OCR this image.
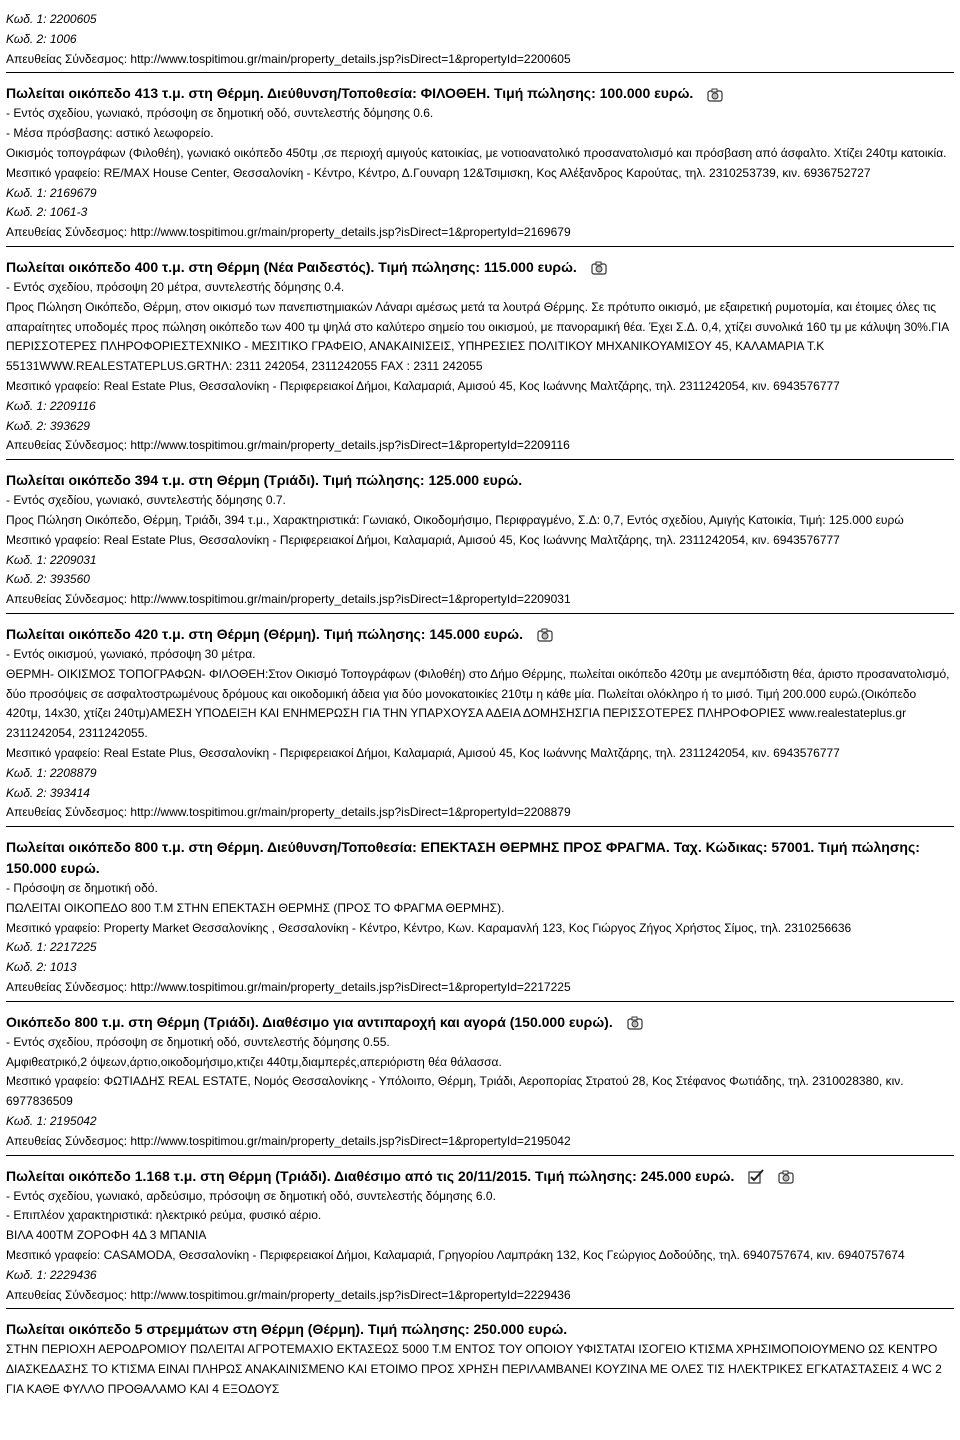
Κωδ. 1: 2200605
Κωδ. 2: 1006
Απευθείας Σύνδεσμος: http://www.tospitimou.gr/main/property_details.jsp?isDirect=1&propertyId=2200605
Πωλείται οικόπεδο 413 τ.μ. στη Θέρμη. Διεύθυνση/Τοποθεσία: ΦΙΛΟΘΕΗ. Τιμή πώλησης: 100.000 ευρώ.
- Εντός σχεδίου, γωνιακό, πρόσοψη σε δημοτική οδό, συντελεστής δόμησης 0.6.
- Μέσα πρόσβασης: αστικό λεωφορείο.
Οικισμός τοπογράφων (Φιλοθέη), γωνιακό οικόπεδο 450τμ ,σε περιοχή αμιγούς κατοικίας, με νοτιοανατολικό προσανατολισμό και πρόσβαση από άσφαλτο. Χτίζει 240τμ κατοικία.
Μεσιτικό γραφείο: RE/MAX House Center, Θεσσαλονίκη - Κέντρο, Κέντρο, Δ.Γουναρη 12&Τσιμισκη, Κος Αλέξανδρος Καρούτας, τηλ. 2310253739, κιν. 6936752727
Κωδ. 1: 2169679
Κωδ. 2: 1061-3
Απευθείας Σύνδεσμος: http://www.tospitimou.gr/main/property_details.jsp?isDirect=1&propertyId=2169679
Πωλείται οικόπεδο 400 τ.μ. στη Θέρμη (Νέα Ραιδεστός). Τιμή πώλησης: 115.000 ευρώ.
- Εντός σχεδίου, πρόσοψη 20 μέτρα, συντελεστής δόμησης 0.4.
Προς Πώληση Οικόπεδο, Θέρμη, στον οικισμό των πανεπιστημιακών Λάναρι αμέσως μετά τα λουτρά Θέρμης. Σε πρότυπο οικισμό, με εξαιρετική ρυμοτομία, και έτοιμες όλες τις απαραίτητες υποδομές προς πώληση οικόπεδο των 400 τμ ψηλά στο καλύτερο σημείο του οικισμού, με πανοραμική θέα. Έχει Σ.Δ. 0,4, χτίζει συνολικά 160 τμ με κάλυψη 30%.ΓΙΑ ΠΕΡΙΣΣΟΤΕΡΕΣ ΠΛΗΡΟΦΟΡΙΕΣΤΕΧΝΙΚΟ - ΜΕΣΙΤΙΚΟ ΓΡΑΦΕΙΟ, ΑΝΑΚΑΙΝΙΣΕΙΣ, ΥΠΗΡΕΣΙΕΣ ΠΟΛΙΤΙΚΟΥ ΜΗΧΑΝΙΚΟΥΑΜΙΣΟΥ 45, ΚΑΛΑΜΑΡΙΑ Τ.Κ 55131WWW.REALESTATEPLUS.GRΤΗΛ: 2311 242054, 2311242055 FAX : 2311 242055
Μεσιτικό γραφείο: Real Estate Plus, Θεσσαλονίκη - Περιφερειακοί Δήμοι, Καλαμαριά, Αμισού 45, Κος Ιωάννης Μαλτζάρης, τηλ. 2311242054, κιν. 6943576777
Κωδ. 1: 2209116
Κωδ. 2: 393629
Απευθείας Σύνδεσμος: http://www.tospitimou.gr/main/property_details.jsp?isDirect=1&propertyId=2209116
Πωλείται οικόπεδο 394 τ.μ. στη Θέρμη (Τριάδι). Τιμή πώλησης: 125.000 ευρώ.
- Εντός σχεδίου, γωνιακό, συντελεστής δόμησης 0.7.
Προς Πώληση Οικόπεδο, Θέρμη, Τριάδι, 394 τ.μ., Χαρακτηριστικά: Γωνιακό, Οικοδομήσιμο, Περιφραγμένο, Σ.Δ: 0,7, Εντός σχεδίου, Αμιγής Κατοικία, Τιμή: 125.000 ευρώ
Μεσιτικό γραφείο: Real Estate Plus, Θεσσαλονίκη - Περιφερειακοί Δήμοι, Καλαμαριά, Αμισού 45, Κος Ιωάννης Μαλτζάρης, τηλ. 2311242054, κιν. 6943576777
Κωδ. 1: 2209031
Κωδ. 2: 393560
Απευθείας Σύνδεσμος: http://www.tospitimou.gr/main/property_details.jsp?isDirect=1&propertyId=2209031
Πωλείται οικόπεδο 420 τ.μ. στη Θέρμη (Θέρμη). Τιμή πώλησης: 145.000 ευρώ.
- Εντός οικισμού, γωνιακό, πρόσοψη 30 μέτρα.
ΘΕΡΜΗ- ΟΙΚΙΣΜΟΣ ΤΟΠΟΓΡΑΦΩΝ- ΦΙΛΟΘΕΗ:Στον Οικισμό Τοπογράφων (Φιλοθέη) στο Δήμο Θέρμης, πωλείται οικόπεδο 420τμ με ανεμπόδιστη θέα, άριστο προσανατολισμό, δύο προσόψεις σε ασφαλτοστρωμένους δρόμους και οικοδομική άδεια για δύο μονοκατοικίες 210τμ η κάθε μία. Πωλείται ολόκληρο ή το μισό. Τιμή 200.000 ευρώ.(Οικόπεδο 420τμ, 14x30, χτίζει 240τμ)ΑΜΕΣΗ ΥΠΟΔΕΙΞΗ ΚΑΙ ΕΝΗΜΕΡΩΣΗ ΓΙΑ ΤΗΝ ΥΠΑΡΧΟΥΣΑ ΑΔΕΙΑ ΔΟΜΗΣΗΣΓΙΑ ΠΕΡΙΣΣΟΤΕΡΕΣ ΠΛΗΡΟΦΟΡΙΕΣ www.realestateplus.gr 2311242054, 2311242055.
Μεσιτικό γραφείο: Real Estate Plus, Θεσσαλονίκη - Περιφερειακοί Δήμοι, Καλαμαριά, Αμισού 45, Κος Ιωάννης Μαλτζάρης, τηλ. 2311242054, κιν. 6943576777
Κωδ. 1: 2208879
Κωδ. 2: 393414
Απευθείας Σύνδεσμος: http://www.tospitimou.gr/main/property_details.jsp?isDirect=1&propertyId=2208879
Πωλείται οικόπεδο 800 τ.μ. στη Θέρμη. Διεύθυνση/Τοποθεσία: ΕΠΕΚΤΑΣΗ ΘΕΡΜΗΣ ΠΡΟΣ ΦΡΑΓΜΑ. Ταχ. Κώδικας: 57001. Τιμή πώλησης: 150.000 ευρώ.
- Πρόσοψη σε δημοτική οδό.
ΠΩΛΕΙΤΑΙ ΟΙΚΟΠΕΔΟ 800 Τ.Μ ΣΤΗΝ ΕΠΕΚΤΑΣΗ ΘΕΡΜΗΣ (ΠΡΟΣ ΤΟ ΦΡΑΓΜΑ ΘΕΡΜΗΣ).
Μεσιτικό γραφείο: Property Market Θεσσαλονίκης , Θεσσαλονίκη - Κέντρο, Κέντρο, Κων. Καραμανλή 123, Κος Γιώργος Ζήγος Χρήστος Σίμος, τηλ. 2310256636
Κωδ. 1: 2217225
Κωδ. 2: 1013
Απευθείας Σύνδεσμος: http://www.tospitimou.gr/main/property_details.jsp?isDirect=1&propertyId=2217225
Οικόπεδο 800 τ.μ. στη Θέρμη (Τριάδι). Διαθέσιμο για αντιπαροχή και αγορά (150.000 ευρώ).
- Εντός σχεδίου, πρόσοψη σε δημοτική οδό, συντελεστής δόμησης 0.55.
Αμφιθεατρικό,2 όψεων,άρτιο,οικοδομήσιμο,κτιζει 440τμ,διαμπερές,απεριόριστη θέα θάλασσα.
Μεσιτικό γραφείο: ΦΩΤΙΑΔΗΣ REAL ESTATE, Νομός Θεσσαλονίκης - Υπόλοιπο, Θέρμη, Τριάδι, Αεροπορίας Στρατού 28, Κος Στέφανος Φωτιάδης, τηλ. 2310028380, κιν. 6977836509
Κωδ. 1: 2195042
Απευθείας Σύνδεσμος: http://www.tospitimou.gr/main/property_details.jsp?isDirect=1&propertyId=2195042
Πωλείται οικόπεδο 1.168 τ.μ. στη Θέρμη (Τριάδι). Διαθέσιμο από τις 20/11/2015. Τιμή πώλησης: 245.000 ευρώ.
- Εντός σχεδίου, γωνιακό, αρδεύσιμο, πρόσοψη σε δημοτική οδό, συντελεστής δόμησης 6.0.
- Επιπλέον χαρακτηριστικά: ηλεκτρικό ρεύμα, φυσικό αέριο.
ΒΙΛΑ 400ΤΜ ΖΟΡΟΦΗ 4Δ 3 ΜΠΑΝΙΑ
Μεσιτικό γραφείο: CASAMODA, Θεσσαλονίκη - Περιφερειακοί Δήμοι, Καλαμαριά, Γρηγορίου Λαμπράκη 132, Κος Γεώργιος Δοδούδης, τηλ. 6940757674, κιν. 6940757674
Κωδ. 1: 2229436
Απευθείας Σύνδεσμος: http://www.tospitimou.gr/main/property_details.jsp?isDirect=1&propertyId=2229436
Πωλείται οικόπεδο 5 στρεμμάτων στη Θέρμη (Θέρμη). Τιμή πώλησης: 250.000 ευρώ.
ΣΤΗΝ ΠΕΡΙΟΧΗ ΑΕΡΟΔΡΟΜΙΟΥ ΠΩΛΕΙΤΑΙ ΑΓΡΟΤΕΜΑΧΙΟ ΕΚΤΑΣΕΩΣ 5000 Τ.Μ ΕΝΤΟΣ ΤΟΥ ΟΠΟΙΟΥ ΥΦΙΣΤΑΤΑΙ ΙΣΟΓΕΙΟ ΚΤΙΣΜΑ ΧΡΗΣΙΜΟΠΟΙΟΥΜΕΝΟ ΩΣ ΚΕΝΤΡΟ ΔΙΑΣΚΕΔΑΣΗΣ ΤΟ ΚΤΙΣΜΑ ΕΙΝΑΙ ΠΛΗΡΩΣ ΑΝΑΚΑΙΝΙΣΜΕΝΟ ΚΑΙ ΕΤΟΙΜΟ ΠΡΟΣ ΧΡΗΣΗ ΠΕΡΙΛΑΜΒΑΝΕΙ ΚΟΥΖΙΝΑ ΜΕ ΟΛΕΣ ΤΙΣ ΗΛΕΚΤΡΙΚΕΣ ΕΓΚΑΤΑΣΤΑΣΕΙΣ 4 WC 2 ΓΙΑ ΚΑΘΕ ΦΥΛΛΟ ΠΡΟΘΑΛΑΜΟ ΚΑΙ 4 ΕΞΟΔΟΥΣ
